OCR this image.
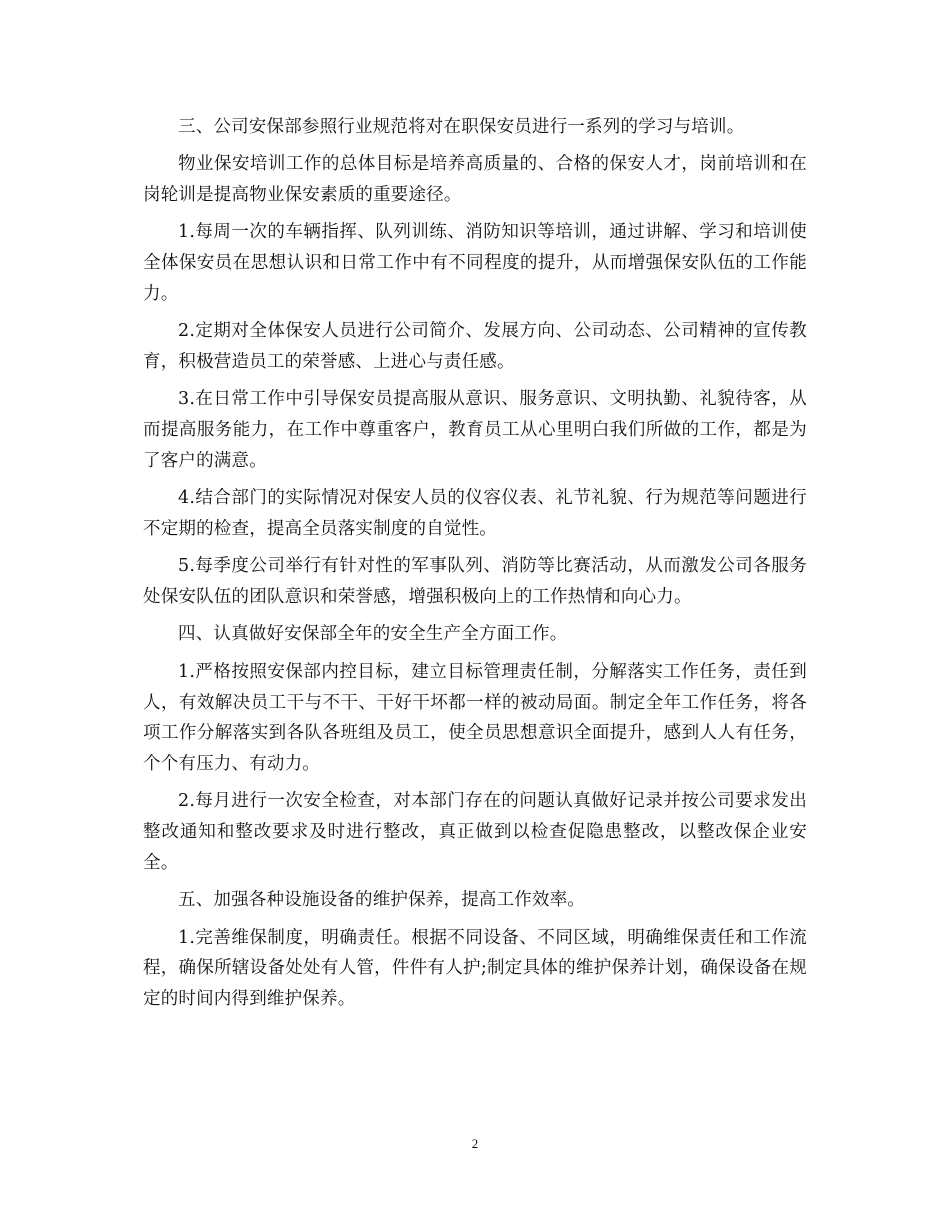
三、公司安保部参照行业规范将对在职保安员进行一系列的学习与培训。

物业保安培训工作的总体目标是培养高质量的、合格的保安人才，岗前培训和在岗轮训是提高物业保安素质的重要途径。

1.每周一次的车辆指挥、队列训练、消防知识等培训，通过讲解、学习和培训使全体保安员在思想认识和日常工作中有不同程度的提升，从而增强保安队伍的工作能力。

2.定期对全体保安人员进行公司简介、发展方向、公司动态、公司精神的宣传教育，积极营造员工的荣誉感、上进心与责任感。

3.在日常工作中引导保安员提高服从意识、服务意识、文明执勤、礼貌待客，从而提高服务能力，在工作中尊重客户，教育员工从心里明白我们所做的工作，都是为了客户的满意。

4.结合部门的实际情况对保安人员的仪容仪表、礼节礼貌、行为规范等问题进行不定期的检查，提高全员落实制度的自觉性。

5.每季度公司举行有针对性的军事队列、消防等比赛活动，从而激发公司各服务处保安队伍的团队意识和荣誉感，增强积极向上的工作热情和向心力。

四、认真做好安保部全年的安全生产全方面工作。

1.严格按照安保部内控目标，建立目标管理责任制，分解落实工作任务，责任到人，有效解决员工干与不干、干好干坏都一样的被动局面。制定全年工作任务，将各项工作分解落实到各队各班组及员工，使全员思想意识全面提升，感到人人有任务，个个有压力、有动力。

2.每月进行一次安全检查，对本部门存在的问题认真做好记录并按公司要求发出整改通知和整改要求及时进行整改，真正做到以检查促隐患整改，以整改保企业安全。

五、加强各种设施设备的维护保养，提高工作效率。

1.完善维保制度，明确责任。根据不同设备、不同区域，明确维保责任和工作流程，确保所辖设备处处有人管，件件有人护;制定具体的维护保养计划，确保设备在规定的时间内得到维护保养。

2
